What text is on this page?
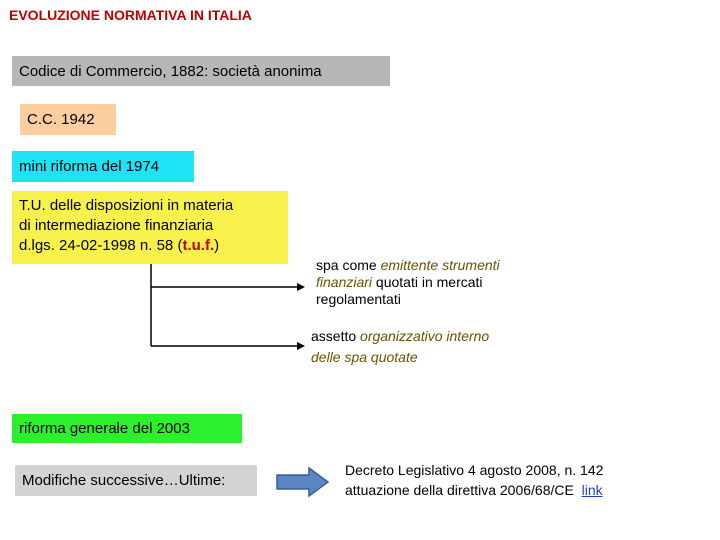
EVOLUZIONE NORMATIVA IN ITALIA
Codice di Commercio, 1882: società anonima
C.C. 1942
mini riforma del 1974
T.U. delle disposizioni in materia
di intermediazione finanziaria
d.lgs. 24-02-1998 n. 58 (t.u.f.)
spa come emittente strumenti
finanziari quotati in mercati
regolamentati
assetto organizzativo interno
delle spa quotate
riforma generale del 2003
Modifiche successive…Ultime:
Decreto Legislativo 4 agosto 2008, n. 142
attuazione della direttiva 2006/68/CE link
